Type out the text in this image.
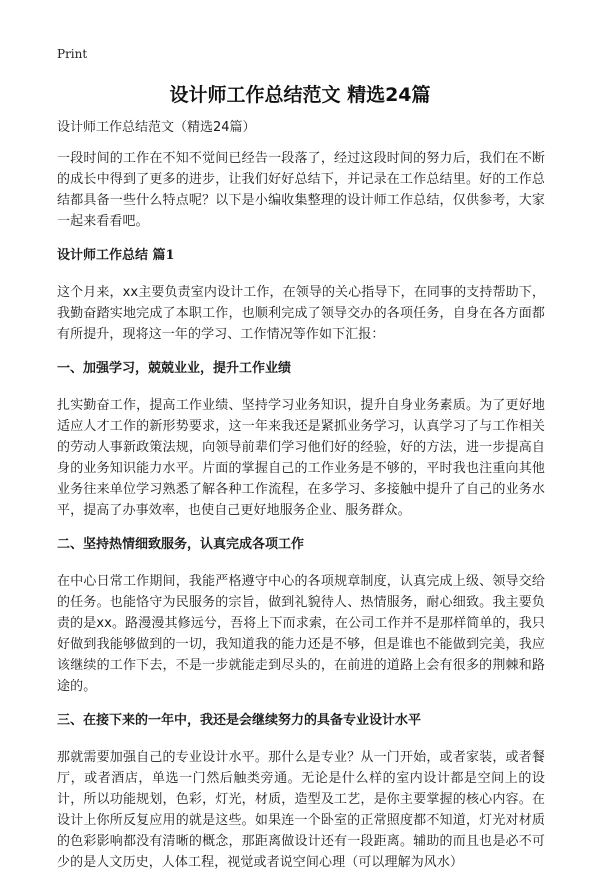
Print
设计师工作总结范文 精选24篇

设计师工作总结范文（精选24篇）

一段时间的工作在不知不觉间已经告一段落了，经过这段时间的努力后，我们在不断的成长中得到了更多的进步，让我们好好总结下，并记录在工作总结里。好的工作总结都具备一些什么特点呢？以下是小编收集整理的设计师工作总结，仅供参考，大家一起来看看吧。

设计师工作总结 篇1

这个月来，xx主要负责室内设计工作，在领导的关心指导下，在同事的支持帮助下，我勤奋踏实地完成了本职工作，也顺利完成了领导交办的各项任务，自身在各方面都有所提升，现将这一年的学习、工作情况等作如下汇报：

一、加强学习，兢兢业业，提升工作业绩

扎实勤奋工作，提高工作业绩、坚持学习业务知识，提升自身业务素质。为了更好地适应人才工作的新形势要求，这一年来我还是紧抓业务学习，认真学习了与工作相关的劳动人事新政策法规，向领导前辈们学习他们好的经验，好的方法，进一步提高自身的业务知识能力水平。片面的掌握自己的工作业务是不够的，平时我也注重向其他业务往来单位学习熟悉了解各种工作流程，在多学习、多接触中提升了自己的业务水平，提高了办事效率，也使自己更好地服务企业、服务群众。

二、坚持热情细致服务，认真完成各项工作

在中心日常工作期间，我能严格遵守中心的各项规章制度，认真完成上级、领导交给的任务。也能恪守为民服务的宗旨，做到礼貌待人、热情服务，耐心细致。我主要负责的是xx。路漫漫其修远兮，吾将上下而求索，在公司工作并不是那样简单的，我只好做到我能够做到的一切，我知道我的能力还是不够，但是谁也不能做到完美，我应该继续的工作下去，不是一步就能走到尽头的，在前进的道路上会有很多的荆棘和路途的。

三、在接下来的一年中，我还是会继续努力的具备专业设计水平

那就需要加强自己的专业设计水平。那什么是专业？从一门开始，或者家装，或者餐厅，或者酒店，单选一门然后触类旁通。无论是什么样的室内设计都是空间上的设计，所以功能规划，色彩，灯光，材质，造型及工艺，是你主要掌握的核心内容。在设计上你所反复应用的就是这些。如果连一个卧室的正常照度都不知道，灯光对材质的色彩影响都没有清晰的概念，那距离做设计还有一段距离。辅助的而且也是必不可少的是人文历史，人体工程，视觉或者说空间心理（可以理解为风水）
